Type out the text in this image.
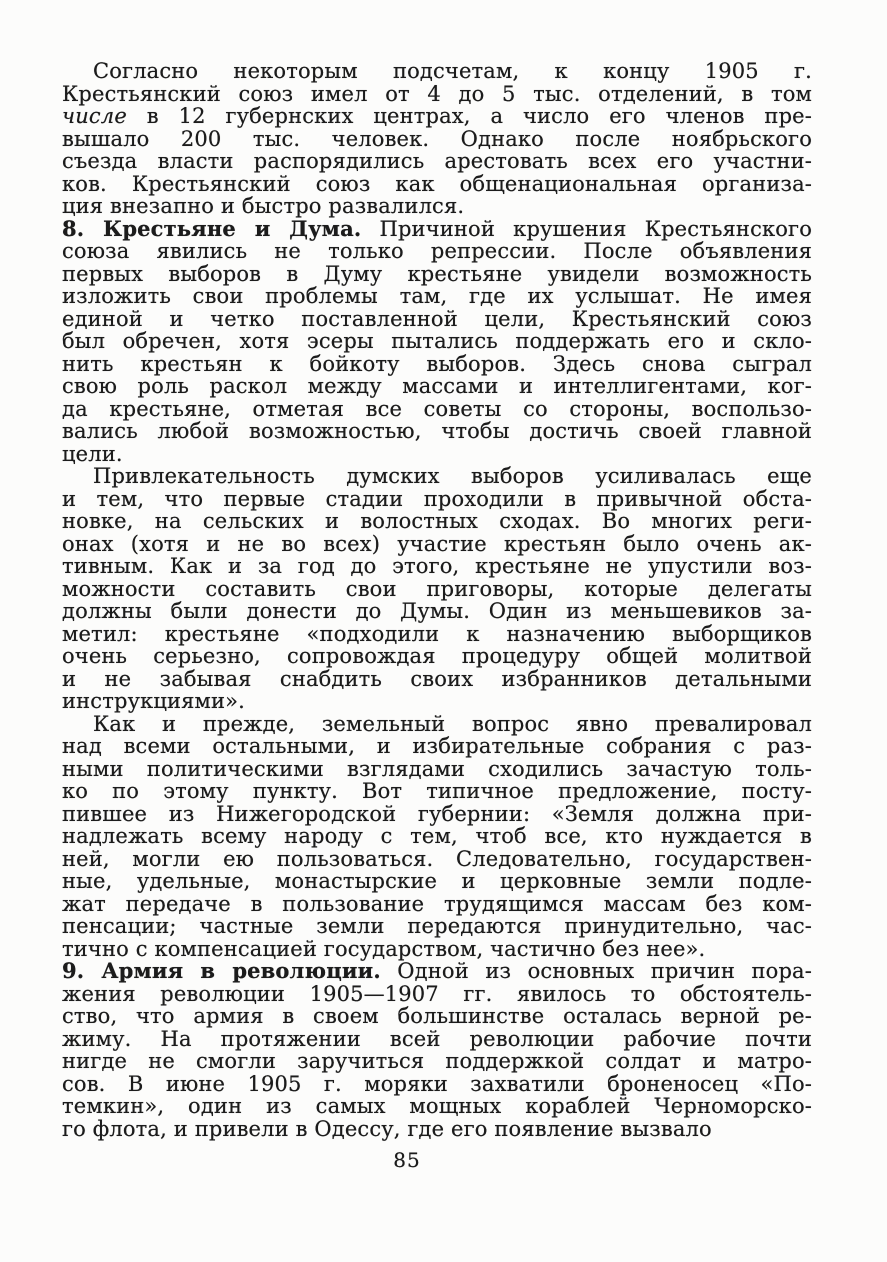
Согласно некоторым подсчетам, к концу 1905 г.
Крестьянский союз имел от 4 до 5 тыс. отделений, в том
числе в 12 губернских центрах, а число его членов пре-
вышало 200 тыс. человек. Однако после ноябрьского
съезда власти распорядились арестовать всех его участни-
ков. Крестьянский союз как общенациональная организа-
ция внезапно и быстро развалился.
8. Крестьяне и Дума. Причиной крушения Крестьянского
союза явились не только репрессии. После объявления
первых выборов в Думу крестьяне увидели возможность
изложить свои проблемы там, где их услышат. Не имея
единой и четко поставленной цели, Крестьянский союз
был обречен, хотя эсеры пытались поддержать его и скло-
нить крестьян к бойкоту выборов. Здесь снова сыграл
свою роль раскол между массами и интеллигентами, ког-
да крестьяне, отметая все советы со стороны, воспользо-
вались любой возможностью, чтобы достичь своей главной
цели.
Привлекательность думских выборов усиливалась еще
и тем, что первые стадии проходили в привычной обста-
новке, на сельских и волостных сходах. Во многих реги-
онах (хотя и не во всех) участие крестьян было очень ак-
тивным. Как и за год до этого, крестьяне не упустили воз-
можности составить свои приговоры, которые делегаты
должны были донести до Думы. Один из меньшевиков за-
метил: крестьяне «подходили к назначению выборщиков
очень серьезно, сопровождая процедуру общей молитвой
и не забывая снабдить своих избранников детальными
инструкциями».
Как и прежде, земельный вопрос явно превалировал
над всеми остальными, и избирательные собрания с раз-
ными политическими взглядами сходились зачастую толь-
ко по этому пункту. Вот типичное предложение, посту-
пившее из Нижегородской губернии: «Земля должна при-
надлежать всему народу с тем, чтоб все, кто нуждается в
ней, могли ею пользоваться. Следовательно, государствен-
ные, удельные, монастырские и церковные земли подле-
жат передаче в пользование трудящимся массам без ком-
пенсации; частные земли передаются принудительно, час-
тично с компенсацией государством, частично без нее».
9. Армия в революции. Одной из основных причин пора-
жения революции 1905—1907 гг. явилось то обстоятель-
ство, что армия в своем большинстве осталась верной ре-
жиму. На протяжении всей революции рабочие почти
нигде не смогли заручиться поддержкой солдат и матро-
сов. В июне 1905 г. моряки захватили броненосец «По-
темкин», один из самых мощных кораблей Черноморско-
го флота, и привели в Одессу, где его появление вызвало
85
